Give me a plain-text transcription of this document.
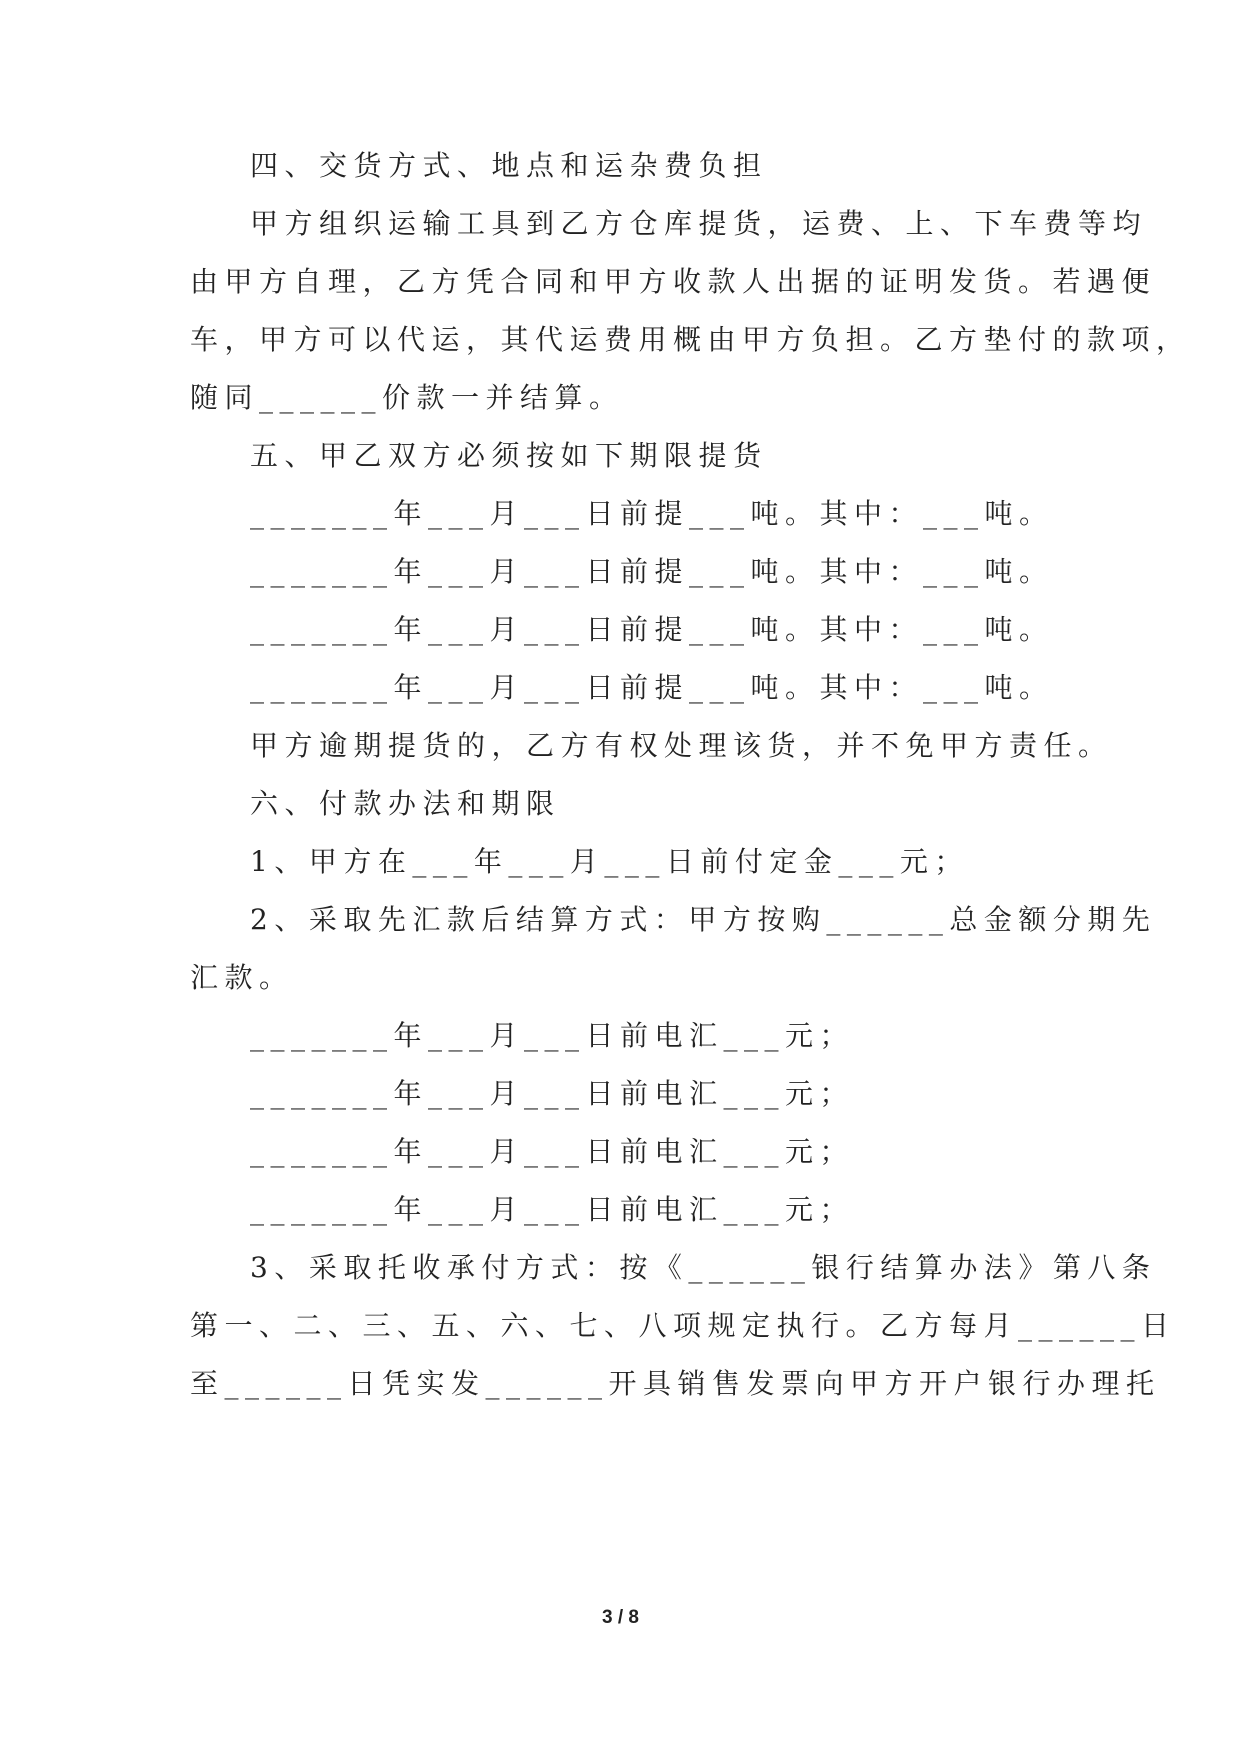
四、交货方式、地点和运杂费负担
甲方组织运输工具到乙方仓库提货，运费、上、下车费等均
由甲方自理，乙方凭合同和甲方收款人出据的证明发货。若遇便
车，甲方可以代运，其代运费用概由甲方负担。乙方垫付的款项，
随同______价款一并结算。
五、甲乙双方必须按如下期限提货
_______年___月___日前提___吨。其中：___吨。
_______年___月___日前提___吨。其中：___吨。
_______年___月___日前提___吨。其中：___吨。
_______年___月___日前提___吨。其中：___吨。
甲方逾期提货的，乙方有权处理该货，并不免甲方责任。
六、付款办法和期限
1、甲方在___年___月___日前付定金___元；
2、采取先汇款后结算方式：甲方按购______总金额分期先
汇款。
_______年___月___日前电汇___元；
_______年___月___日前电汇___元；
_______年___月___日前电汇___元；
_______年___月___日前电汇___元；
3、采取托收承付方式：按《______银行结算办法》第八条
第一、二、三、五、六、七、八项规定执行。乙方每月______日
至______日凭实发______开具销售发票向甲方开户银行办理托
3 / 8
